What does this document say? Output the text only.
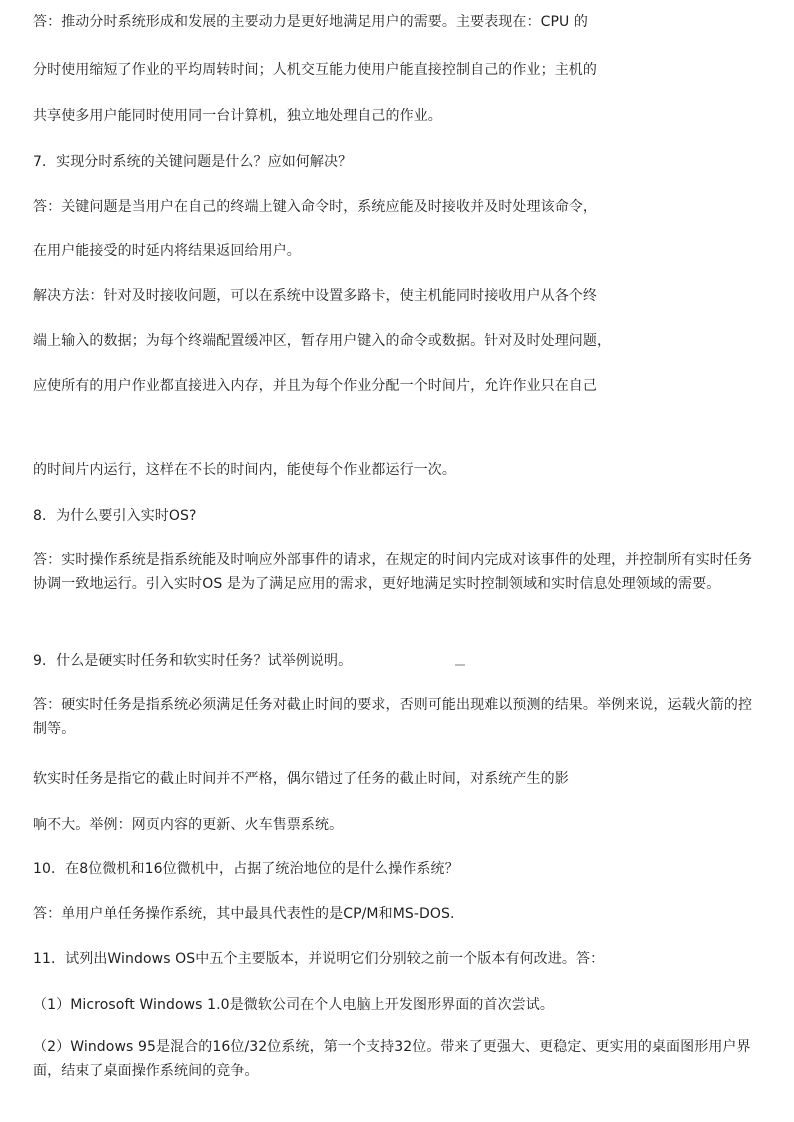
答：推动分时系统形成和发展的主要动力是更好地满足用户的需要。主要表现在：CPU 的
分时使用缩短了作业的平均周转时间；人机交互能力使用户能直接控制自己的作业；主机的
共享使多用户能同时使用同一台计算机，独立地处理自己的作业。
7．实现分时系统的关键问题是什么？应如何解决？
答：关键问题是当用户在自己的终端上键入命令时，系统应能及时接收并及时处理该命令，
在用户能接受的时延内将结果返回给用户。
解决方法：针对及时接收问题，可以在系统中设置多路卡，使主机能同时接收用户从各个终
端上输入的数据；为每个终端配置缓冲区，暂存用户键入的命令或数据。针对及时处理问题，
应使所有的用户作业都直接进入内存，并且为每个作业分配一个时间片，允许作业只在自己
的时间片内运行，这样在不长的时间内，能使每个作业都运行一次。
8．为什么要引入实时OS?
答：实时操作系统是指系统能及时响应外部事件的请求，在规定的时间内完成对该事件的处理，并控制所有实时任务协调一致地运行。引入实时OS 是为了满足应用的需求，更好地满足实时控制领域和实时信息处理领域的需要。
9．什么是硬实时任务和软实时任务？试举例说明。
答：硬实时任务是指系统必须满足任务对截止时间的要求，否则可能出现难以预测的结果。举例来说，运载火箭的控制等。
软实时任务是指它的截止时间并不严格，偶尔错过了任务的截止时间，对系统产生的影
响不大。举例：网页内容的更新、火车售票系统。
10．在8位微机和16位微机中，占据了统治地位的是什么操作系统？
答：单用户单任务操作系统，其中最具代表性的是CP/M和MS-DOS.
11．试列出Windows OS中五个主要版本，并说明它们分别较之前一个版本有何改进。答：
（1）Microsoft Windows 1.0是微软公司在个人电脑上开发图形界面的首次尝试。
（2）Windows 95是混合的16位/32位系统，第一个支持32位。带来了更强大、更稳定、更实用的桌面图形用户界面，结束了桌面操作系统间的竞争。
